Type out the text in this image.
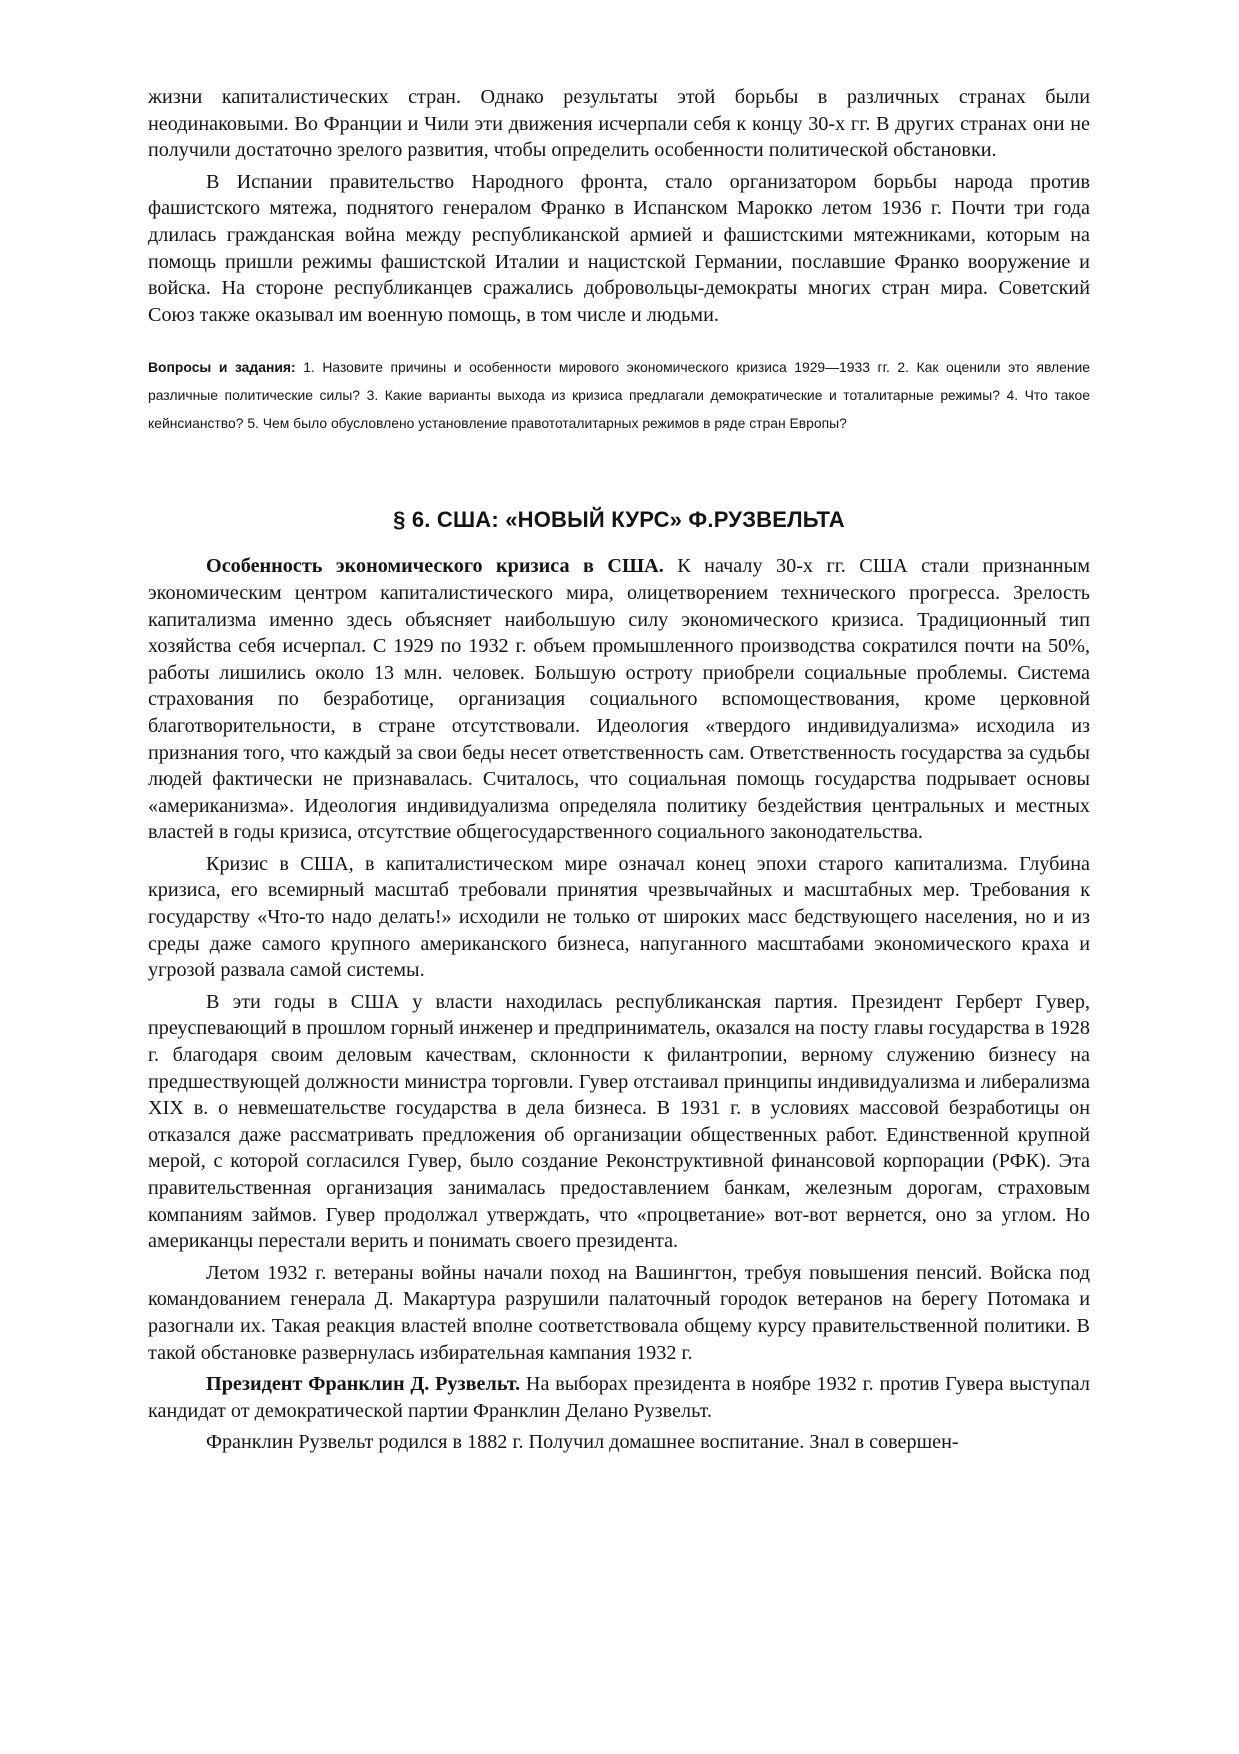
жизни капиталистических стран. Однако результаты этой борьбы в различных странах были неодинаковыми. Во Франции и Чили эти движения исчерпали себя к концу 30-х гг. В других странах они не получили достаточно зрелого развития, чтобы определить особенности политической обстановки.

В Испании правительство Народного фронта, стало организатором борьбы народа против фашистского мятежа, поднятого генералом Франко в Испанском Марокко летом 1936 г. Почти три года длилась гражданская война между республиканской армией и фашистскими мятежниками, которым на помощь пришли режимы фашистской Италии и нацистской Германии, пославшие Франко вооружение и войска. На стороне республиканцев сражались добровольцы-демократы многих стран мира. Советский Союз также оказывал им военную помощь, в том числе и людьми.

Вопросы и задания: 1. Назовите причины и особенности мирового экономического кризиса 1929—1933 гг. 2. Как оценили это явление различные политические силы? 3. Какие варианты выхода из кризиса предлагали демократические и тоталитарные режимы? 4. Что такое кейнсианство? 5. Чем было обусловлено установление правототалитарных режимов в ряде стран Европы?

§ 6. США: «НОВЫЙ КУРС» Ф.РУЗВЕЛЬТА

Особенность экономического кризиса в США. К началу 30-х гг. США стали признанным экономическим центром капиталистического мира, олицетворением технического прогресса. Зрелость капитализма именно здесь объясняет наибольшую силу экономического кризиса. Традиционный тип хозяйства себя исчерпал. С 1929 по 1932 г. объем промышленного производства сократился почти на 50%, работы лишились около 13 млн. человек. Большую остроту приобрели социальные проблемы. Система страхования по безработице, организация социального вспомоществования, кроме церковной благотворительности, в стране отсутствовали. Идеология «твердого индивидуализма» исходила из признания того, что каждый за свои беды несет ответственность сам. Ответственность государства за судьбы людей фактически не признавалась. Считалось, что социальная помощь государства подрывает основы «американизма». Идеология индивидуализма определяла политику бездействия центральных и местных властей в годы кризиса, отсутствие общегосударственного социального законодательства.

Кризис в США, в капиталистическом мире означал конец эпохи старого капитализма. Глубина кризиса, его всемирный масштаб требовали принятия чрезвычайных и масштабных мер. Требования к государству «Что-то надо делать!» исходили не только от широких масс бедствующего населения, но и из среды даже самого крупного американского бизнеса, напуганного масштабами экономического краха и угрозой развала самой системы.

В эти годы в США у власти находилась республиканская партия. Президент Герберт Гувер, преуспевающий в прошлом горный инженер и предприниматель, оказался на посту главы государства в 1928 г. благодаря своим деловым качествам, склонности к филантропии, верному служению бизнесу на предшествующей должности министра торговли. Гувер отстаивал принципы индивидуализма и либерализма XIX в. о невмешательстве государства в дела бизнеса. В 1931 г. в условиях массовой безработицы он отказался даже рассматривать предложения об организации общественных работ. Единственной крупной мерой, с которой согласился Гувер, было создание Реконструктивной финансовой корпорации (РФК). Эта правительственная организация занималась предоставлением банкам, железным дорогам, страховым компаниям займов. Гувер продолжал утверждать, что «процветание» вот-вот вернется, оно за углом. Но американцы перестали верить и понимать своего президента.

Летом 1932 г. ветераны войны начали поход на Вашингтон, требуя повышения пенсий. Войска под командованием генерала Д. Макартура разрушили палаточный городок ветеранов на берегу Потомака и разогнали их. Такая реакция властей вполне соответствовала общему курсу правительственной политики. В такой обстановке развернулась избирательная кампания 1932 г.

Президент Франклин Д. Рузвельт. На выборах президента в ноябре 1932 г. против Гувера выступал кандидат от демократической партии Франклин Делано Рузвельт.

Франклин Рузвельт родился в 1882 г. Получил домашнее воспитание. Знал в совершен-
